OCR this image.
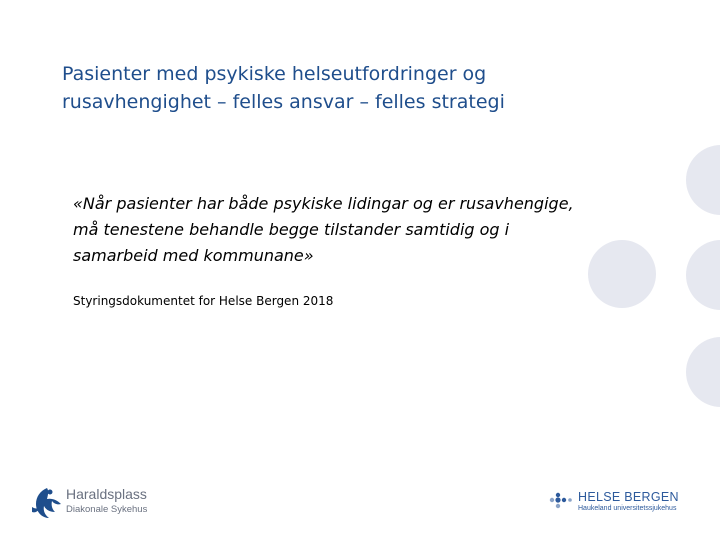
Pasienter med psykiske helseutfordringer og
rusavhengighet – felles ansvar – felles strategi
«Når pasienter har både psykiske lidingar og er rusavhengige,
må tenestene behandle begge tilstander samtidig og i
samarbeid med kommunane»
Styringsdokumentet for Helse Bergen 2018
Haraldsplass
Diakonale Sykehus
HELSE BERGEN
Haukeland universitetssjukehus
